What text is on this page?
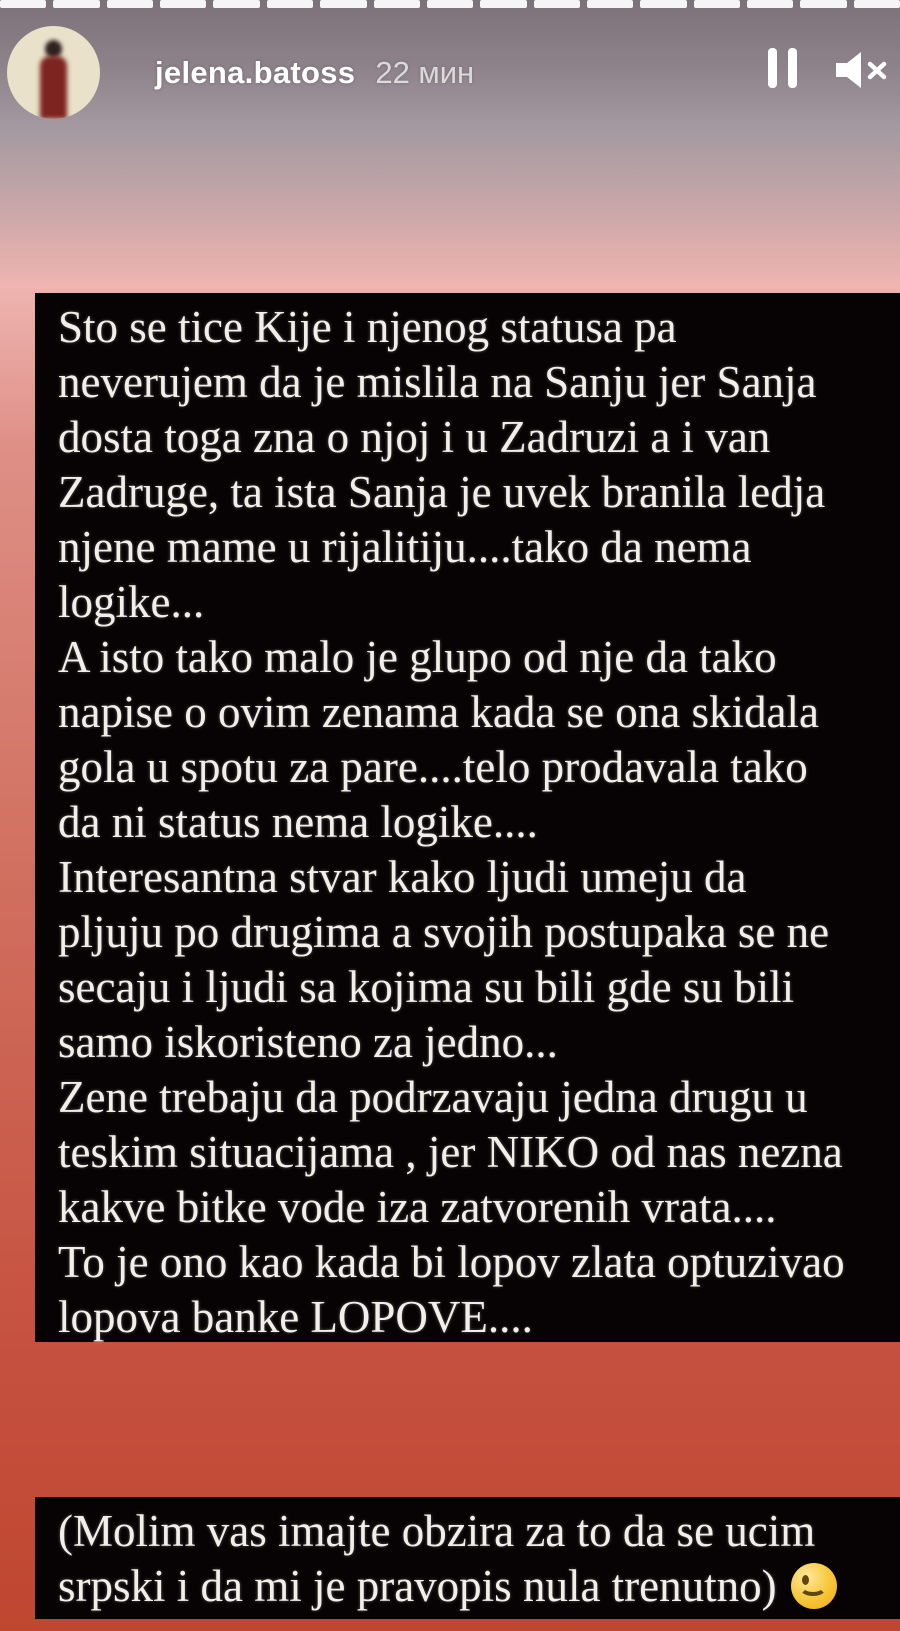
jelena.batoss 22 мин
Sto se tice Kije i njenog statusa pa
neverujem da je mislila na Sanju jer Sanja
dosta toga zna o njoj i u Zadruzi a i van
Zadruge, ta ista Sanja je uvek branila ledja
njene mame u rijalitiju....tako da nema
logike...
A isto tako malo je glupo od nje da tako
napise o ovim zenama kada se ona skidala
gola u spotu za pare....telo prodavala tako
da ni status nema logike....
Interesantna stvar kako ljudi umeju da
pljuju po drugima a svojih postupaka se ne
secaju i ljudi sa kojima su bili gde su bili
samo iskoristeno za jedno...
Zene trebaju da podrzavaju jedna drugu u
teskim situacijama , jer NIKO od nas nezna
kakve bitke vode iza zatvorenih vrata....
To je ono kao kada bi lopov zlata optuzivao
lopova banke LOPOVE....
(Molim vas imajte obzira za to da se ucim
srpski i da mi je pravopis nula trenutno)
